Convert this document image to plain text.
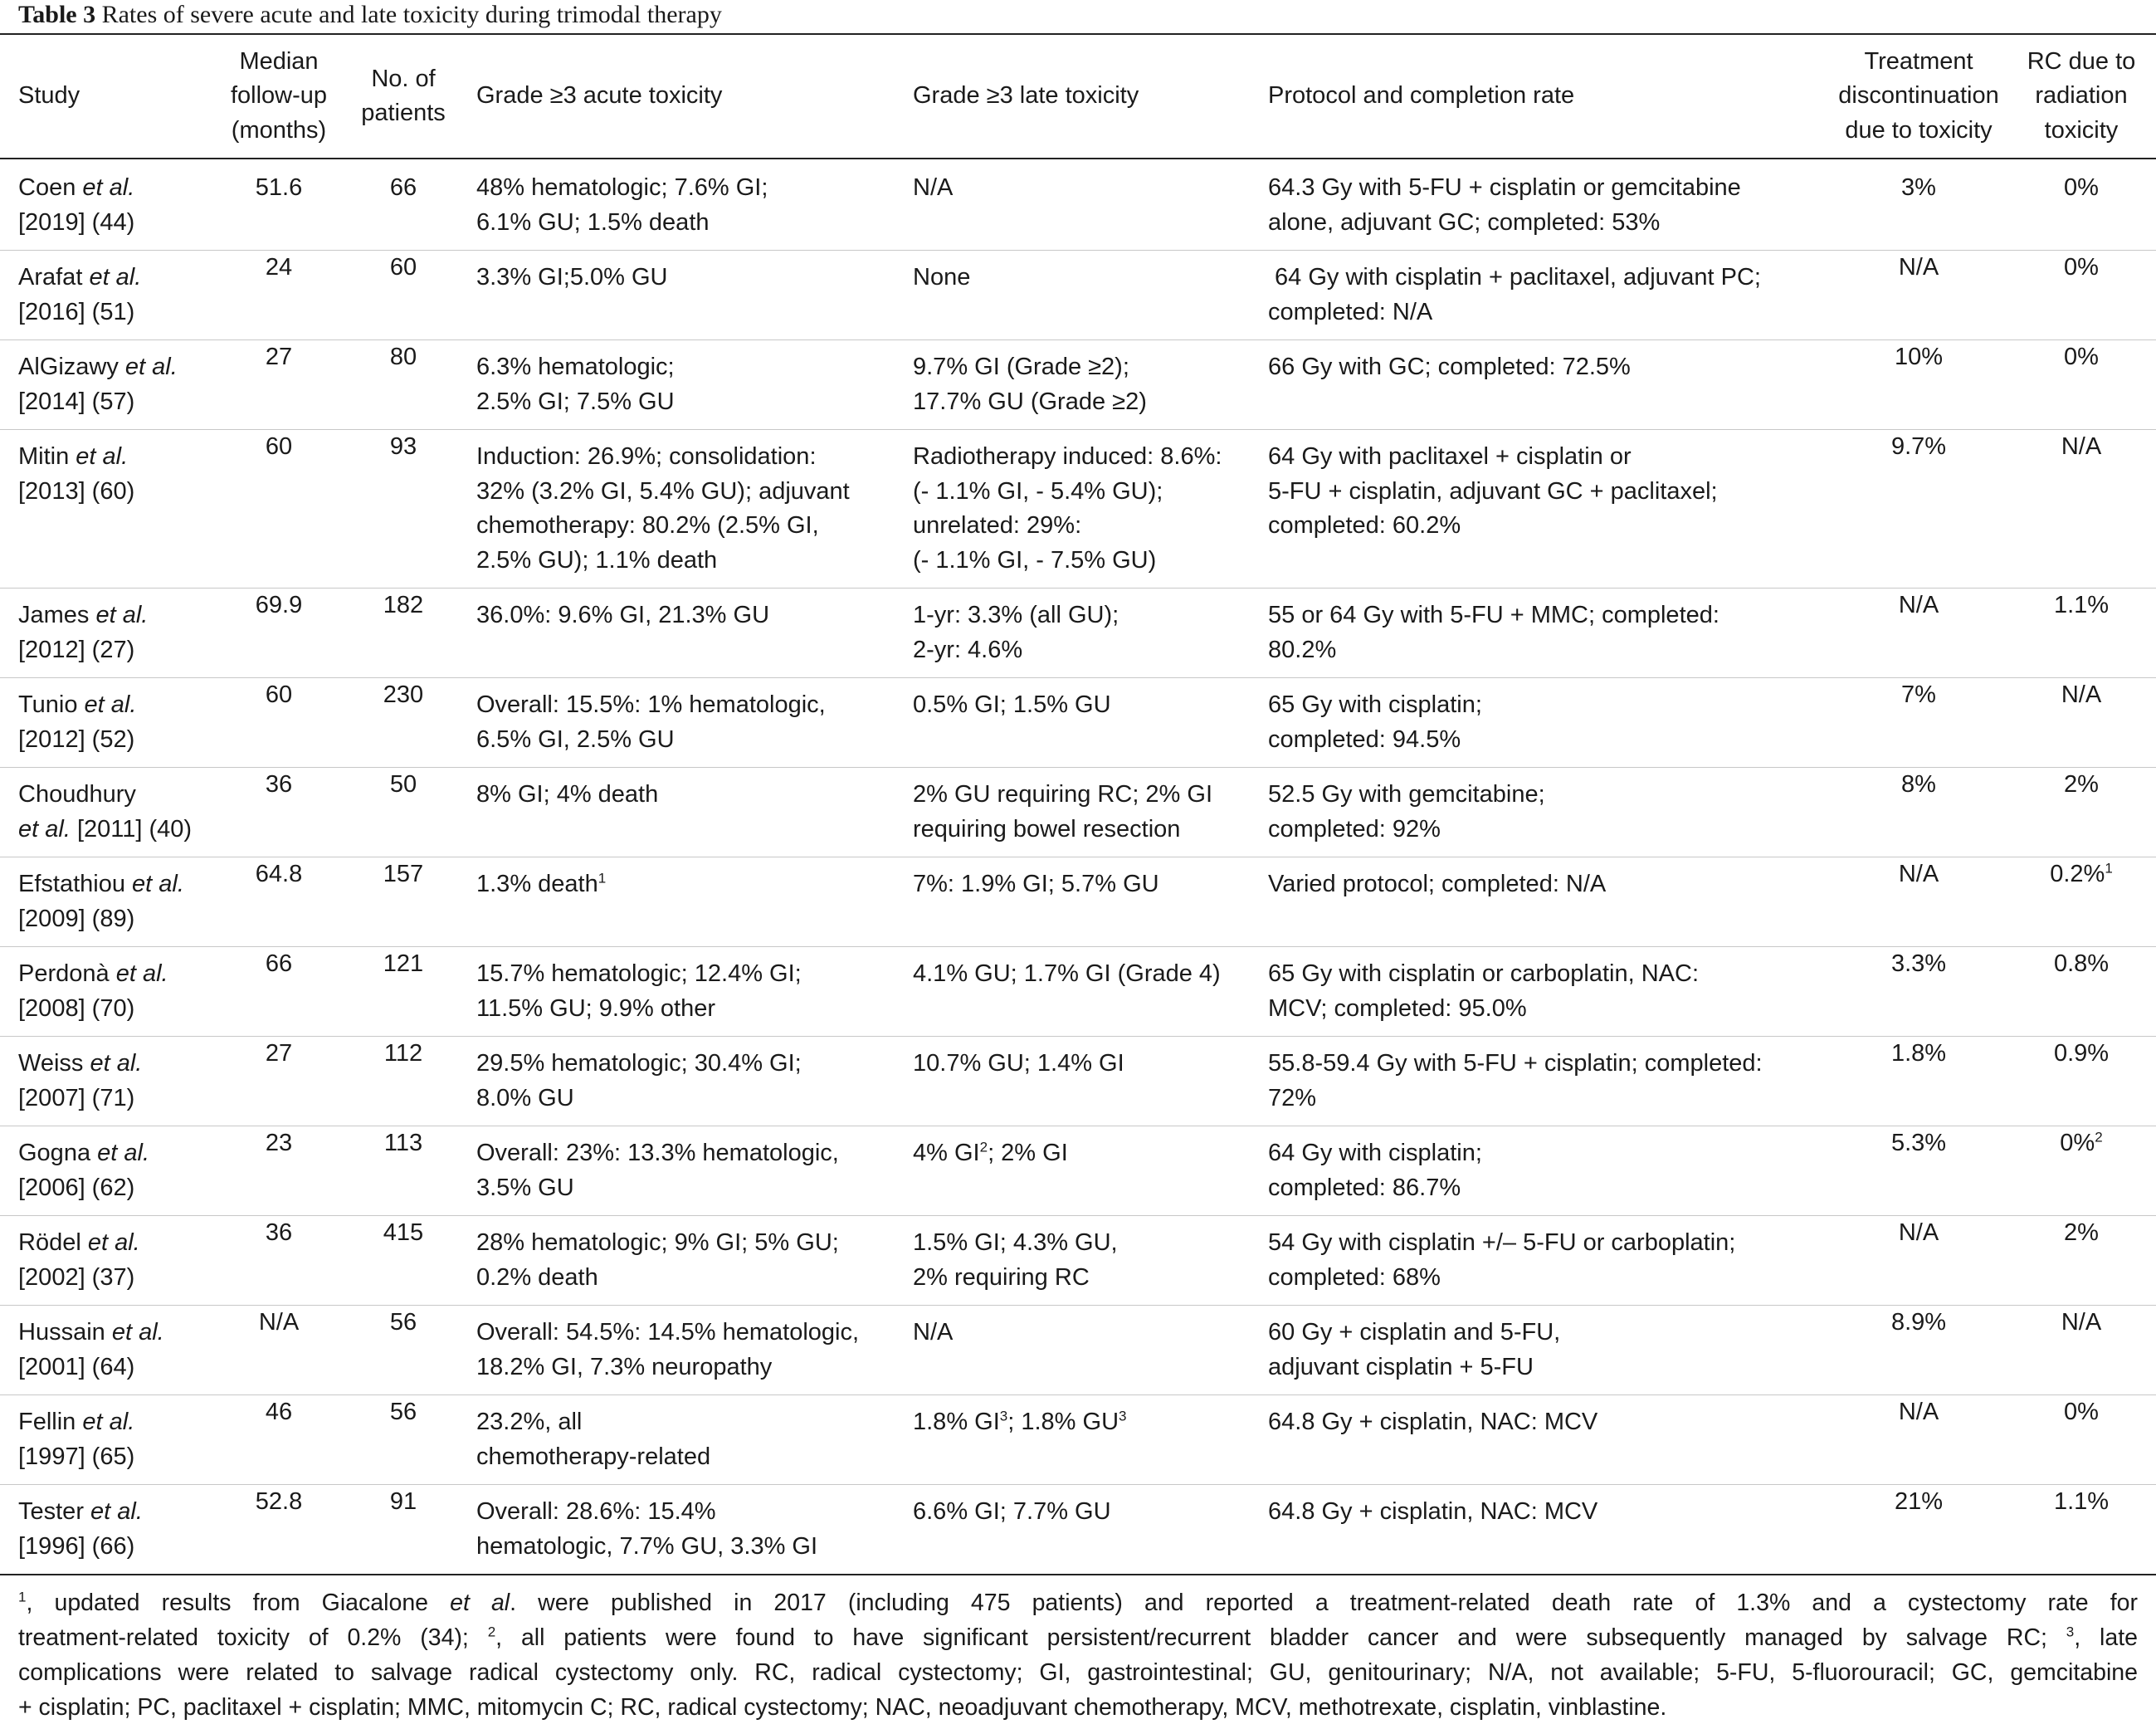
Table 3 Rates of severe acute and late toxicity during trimodal therapy
Study	Median
follow-up
(months)	No. of
patients	Grade ≥3 acute toxicity	Grade ≥3 late toxicity	Protocol and completion rate	Treatment
discontinuation
due to toxicity	RC due to
radiation
toxicity

Coen et al.
[2019] (44)	51.6	66	48% hematologic; 7.6% GI;
6.1% GU; 1.5% death	N/A	64.3 Gy with 5-FU + cisplatin or gemcitabine
alone, adjuvant GC; completed: 53%	3%	0%

Arafat et al.
[2016] (51)	24	60	3.3% GI;5.0% GU	None	64 Gy with cisplatin + paclitaxel, adjuvant PC;
completed: N/A	N/A	0%

AlGizawy et al.
[2014] (57)	27	80	6.3% hematologic;
2.5% GI; 7.5% GU	9.7% GI (Grade ≥2);
17.7% GU (Grade ≥2)	66 Gy with GC; completed: 72.5%	10%	0%

Mitin et al.
[2013] (60)	60	93	Induction: 26.9%; consolidation:
32% (3.2% GI, 5.4% GU); adjuvant
chemotherapy: 80.2% (2.5% GI,
2.5% GU); 1.1% death	Radiotherapy induced: 8.6%:
(- 1.1% GI, - 5.4% GU);
unrelated: 29%:
(- 1.1% GI, - 7.5% GU)	64 Gy with paclitaxel + cisplatin or
5-FU + cisplatin, adjuvant GC + paclitaxel;
completed: 60.2%	9.7%	N/A

James et al.
[2012] (27)	69.9	182	36.0%: 9.6% GI, 21.3% GU	1-yr: 3.3% (all GU);
2-yr: 4.6%	55 or 64 Gy with 5-FU + MMC; completed:
80.2%	N/A	1.1%

Tunio et al.
[2012] (52)	60	230	Overall: 15.5%: 1% hematologic,
6.5% GI, 2.5% GU	0.5% GI; 1.5% GU	65 Gy with cisplatin;
completed: 94.5%	7%	N/A

Choudhury
et al. [2011] (40)	36	50	8% GI; 4% death	2% GU requiring RC; 2% GI
requiring bowel resection	52.5 Gy with gemcitabine;
completed: 92%	8%	2%

Efstathiou et al.
[2009] (89)	64.8	157	1.3% death$^1$	7%: 1.9% GI; 5.7% GU	Varied protocol; completed: N/A	N/A	0.2%$^1$

Perdonà et al.
[2008] (70)	66	121	15.7% hematologic; 12.4% GI;
11.5% GU; 9.9% other	4.1% GU; 1.7% GI (Grade 4)	65 Gy with cisplatin or carboplatin, NAC:
MCV; completed: 95.0%	3.3%	0.8%

Weiss et al.
[2007] (71)	27	112	29.5% hematologic; 30.4% GI;
8.0% GU	10.7% GU; 1.4% GI	55.8-59.4 Gy with 5-FU + cisplatin; completed:
72%	1.8%	0.9%

Gogna et al.
[2006] (62)	23	113	Overall: 23%: 13.3% hematologic,
3.5% GU	4% $GI^2$; 2% GI	64 Gy with cisplatin;
completed: 86.7%	5.3%	0%$^2$

Rödel et al.
[2002] (37)	36	415	28% hematologic; 9% GI; 5% GU;
0.2% death	1.5% GI; 4.3% GU,
2% requiring RC	54 Gy with cisplatin +/– 5-FU or carboplatin;
completed: 68%	N/A	2%

Hussain et al.
[2001] (64)	N/A	56	Overall: 54.5%: 14.5% hematologic,
18.2% GI, 7.3% neuropathy	N/A	60 Gy + cisplatin and 5-FU,
adjuvant cisplatin + 5-FU	8.9%	N/A

Fellin et al.
[1997] (65)	46	56	23.2%, all
chemotherapy-related	1.8% $GI^3$; 1.8% $GU^3$	64.8 Gy + cisplatin, NAC: MCV	N/A	0%

Tester et al.
[1996] (66)	52.8	91	Overall: 28.6%: 15.4%
hematologic, 7.7% GU, 3.3% GI	6.6% GI; 7.7% GU	64.8 Gy + cisplatin, NAC: MCV	21%	1.1%
$^1$, updated results from Giacalone et al. were published in 2017 (including 475 patients) and reported a treatment-related death rate of 1.3% and a cystectomy rate for
treatment-related toxicity of 0.2% (34); $^2$, all patients were found to have significant persistent/recurrent bladder cancer and were subsequently managed by salvage RC; $^3$, late
complications were related to salvage radical cystectomy only. RC, radical cystectomy; GI, gastrointestinal; GU, genitourinary; N/A, not available; 5-FU, 5-fluorouracil; GC, gemcitabine
+ cisplatin; PC, paclitaxel + cisplatin; MMC, mitomycin C; RC, radical cystectomy; NAC, neoadjuvant chemotherapy, MCV, methotrexate, cisplatin, vinblastine.
